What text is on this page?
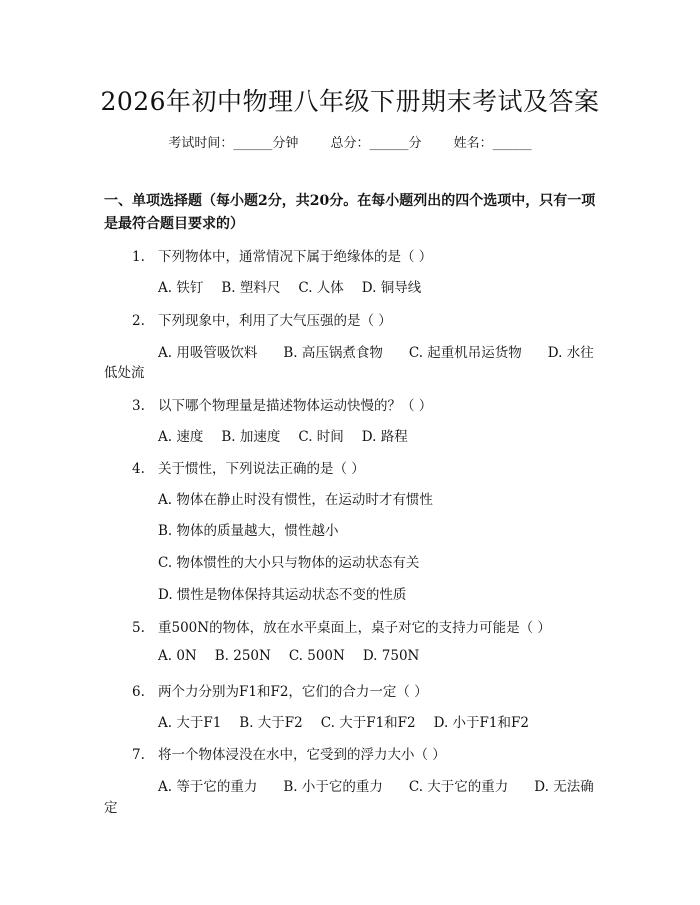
2026年初中物理八年级下册期末考试及答案
考试时间：______分钟 总分：______分 姓名：______
一、单项选择题（每小题2分，共20分。在每小题列出的四个选项中，只有一项是最符合题目要求的）
1. 下列物体中，通常情况下属于绝缘体的是（ ）
A. 铁钉 B. 塑料尺 C. 人体 D. 铜导线
2. 下列现象中，利用了大气压强的是（ ）
A. 用吸管吸饮料 B. 高压锅煮食物 C. 起重机吊运货物 D. 水往
低处流
3. 以下哪个物理量是描述物体运动快慢的？（ ）
A. 速度 B. 加速度 C. 时间 D. 路程
4. 关于惯性，下列说法正确的是（ ）
A. 物体在静止时没有惯性，在运动时才有惯性
B. 物体的质量越大，惯性越小
C. 物体惯性的大小只与物体的运动状态有关
D. 惯性是物体保持其运动状态不变的性质
5. 重500N的物体，放在水平桌面上，桌子对它的支持力可能是（ ）
A. 0N B. 250N C. 500N D. 750N
6. 两个力分别为F1和F2，它们的合力一定（ ）
A. 大于F1 B. 大于F2 C. 大于F1和F2 D. 小于F1和F2
7. 将一个物体浸没在水中，它受到的浮力大小（ ）
A. 等于它的重力 B. 小于它的重力 C. 大于它的重力 D. 无法确
定
